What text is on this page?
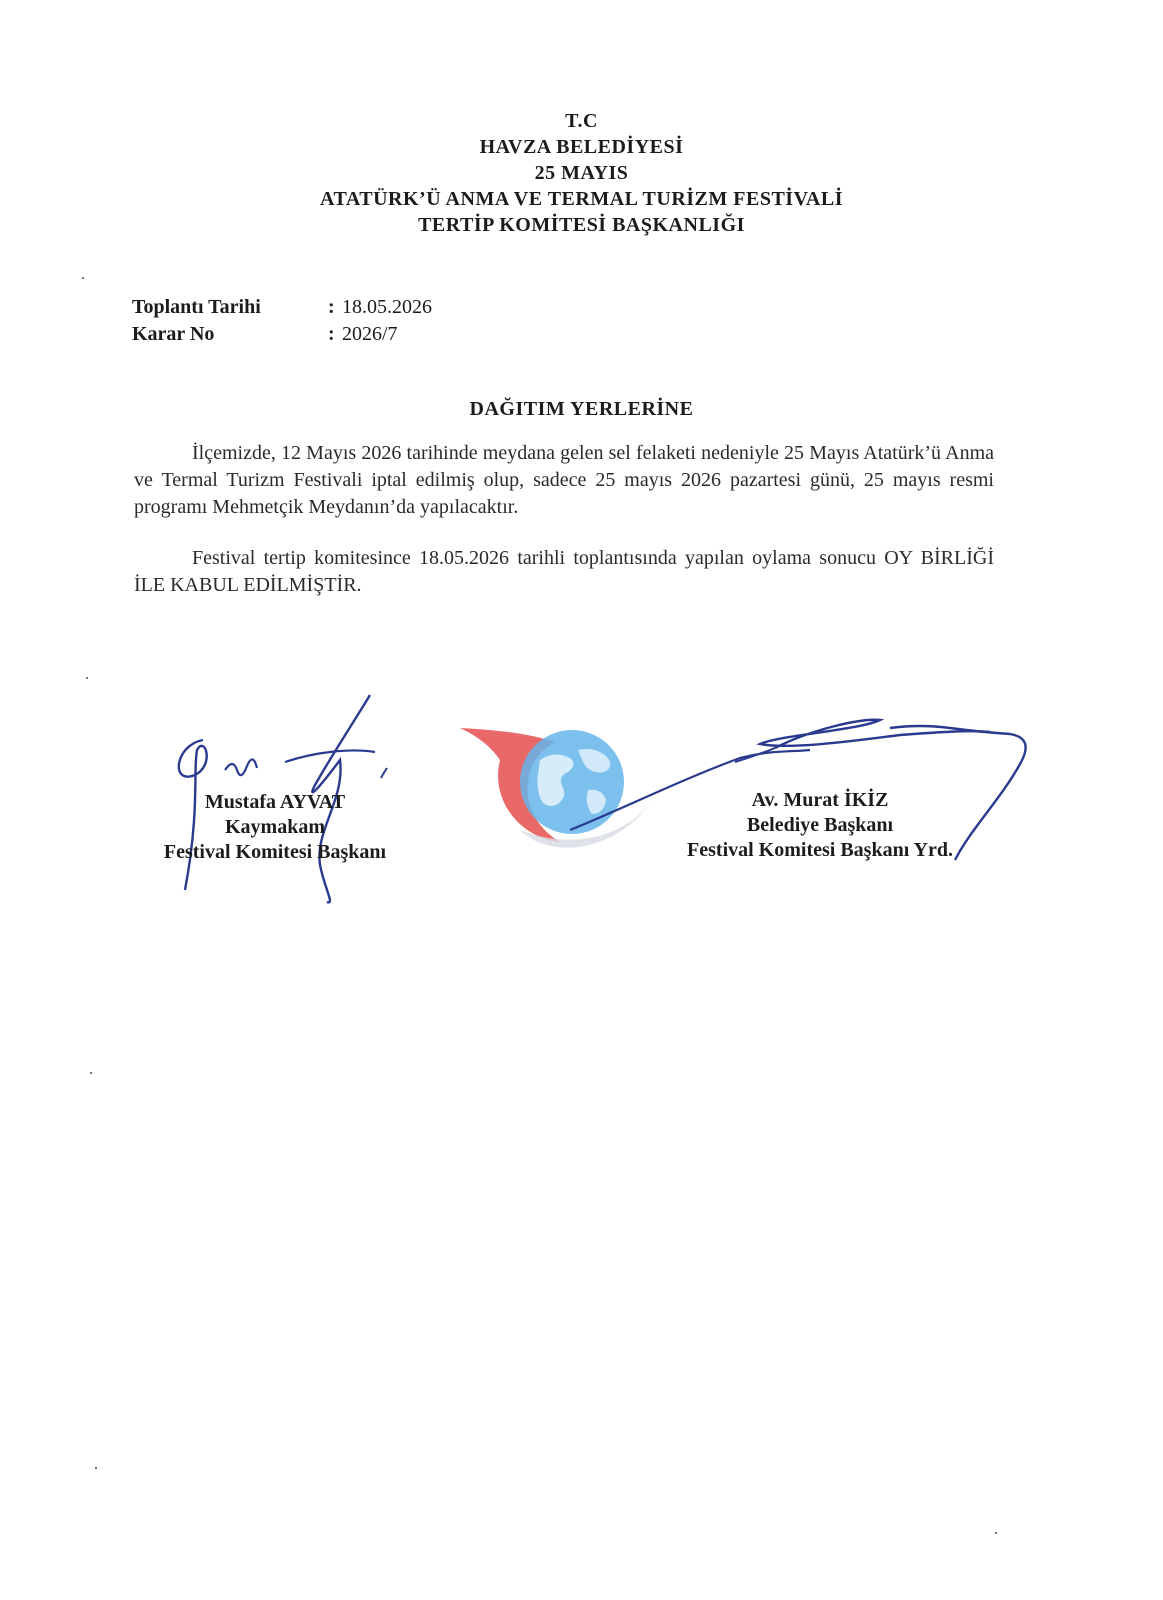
T.C
HAVZA BELEDİYESİ
25 MAYIS
ATATÜRK’Ü ANMA VE TERMAL TURİZM FESTİVALİ
TERTİP KOMİTESİ BAŞKANLIĞI
Toplantı Tarihi	: 18.05.2026
Karar No	: 2026/7
DAĞITIM YERLERİNE
İlçemizde, 12 Mayıs 2026 tarihinde meydana gelen sel felaketi nedeniyle 25 Mayıs Atatürk’ü Anma ve Termal Turizm Festivali iptal edilmiş olup, sadece 25 mayıs 2026 pazartesi günü, 25 mayıs resmi programı Mehmetçik Meydanın’da yapılacaktır.
Festival tertip komitesince 18.05.2026 tarihli toplantısında yapılan oylama sonucu OY BİRLİĞİ İLE KABUL EDİLMİŞTİR.
Mustafa AYVAT
Kaymakam
Festival Komitesi Başkanı
Av. Murat İKİZ
Belediye Başkanı
Festival Komitesi Başkanı Yrd.
